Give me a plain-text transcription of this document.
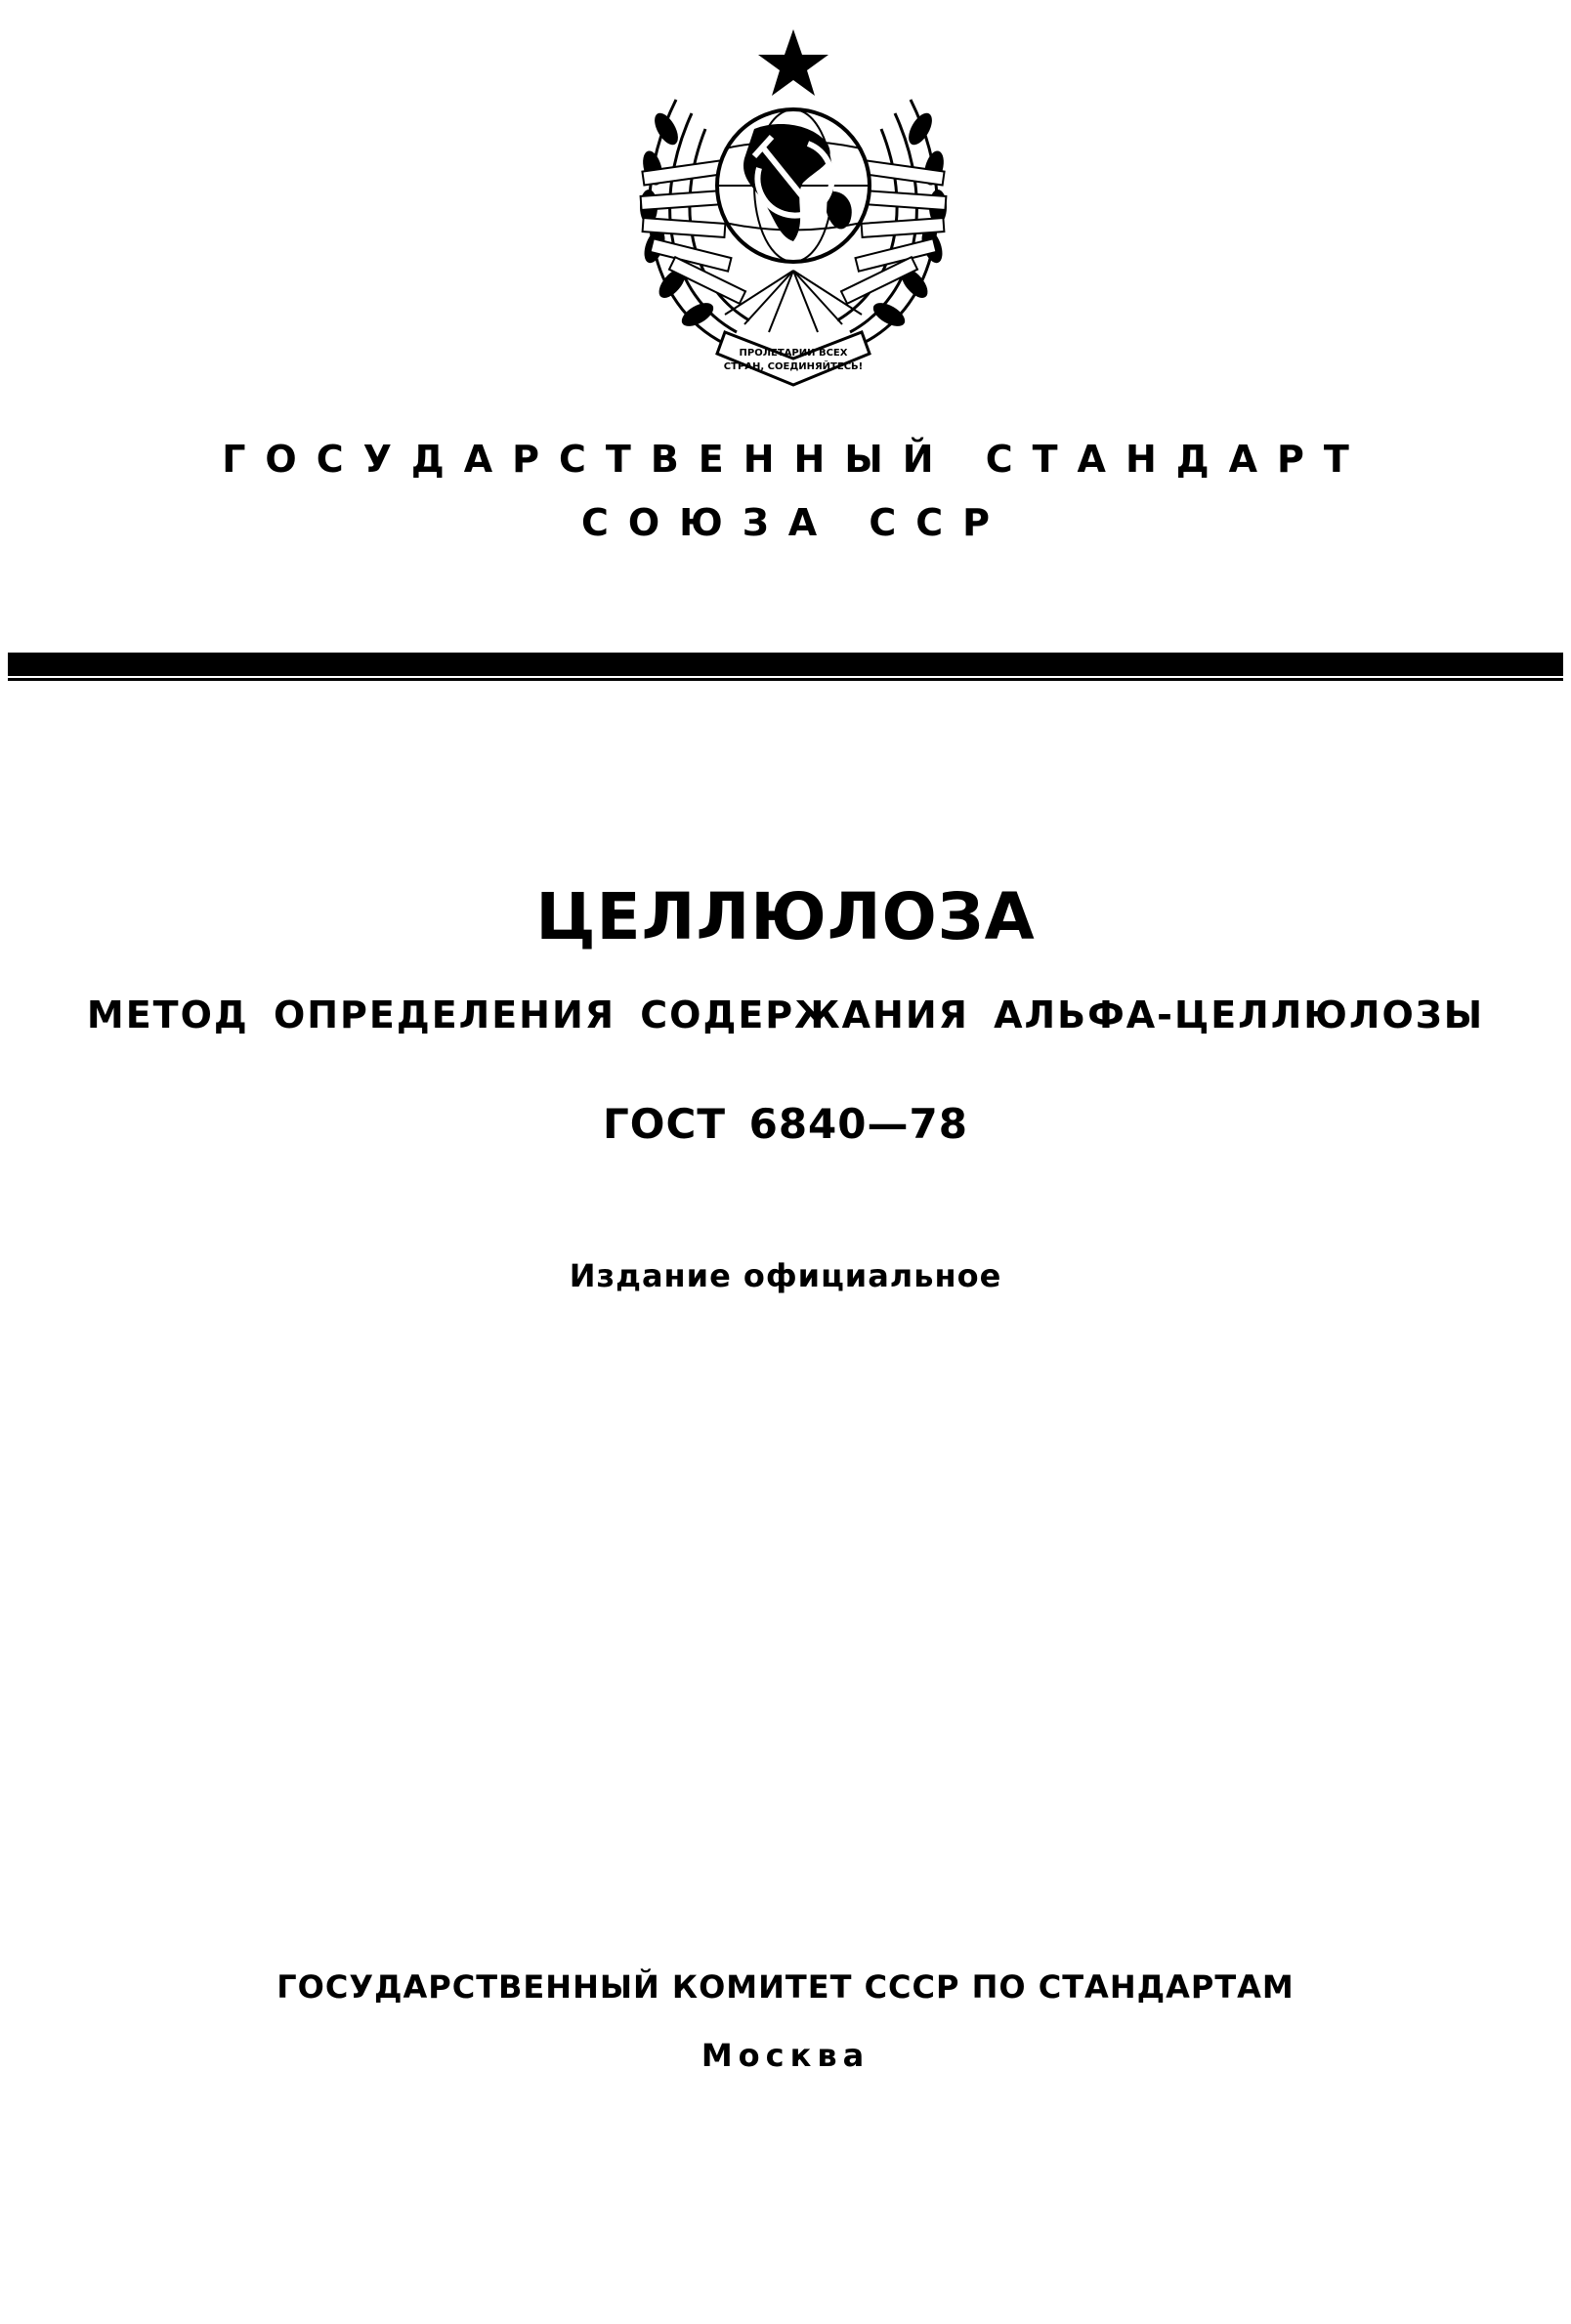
ПРОЛЕТАРИИ ВСЕХ
СТРАН, СОЕДИНЯЙТЕСЬ!
ГОСУДАРСТВЕННЫЙ СТАНДАРТ
СОЮЗА ССР
ЦЕЛЛЮЛОЗА
МЕТОД ОПРЕДЕЛЕНИЯ СОДЕРЖАНИЯ АЛЬФА-ЦЕЛЛЮЛОЗЫ
ГОСТ 6840—78
Издание официальное
ГОСУДАРСТВЕННЫЙ КОМИТЕТ СССР ПО СТАНДАРТАМ
Москва
